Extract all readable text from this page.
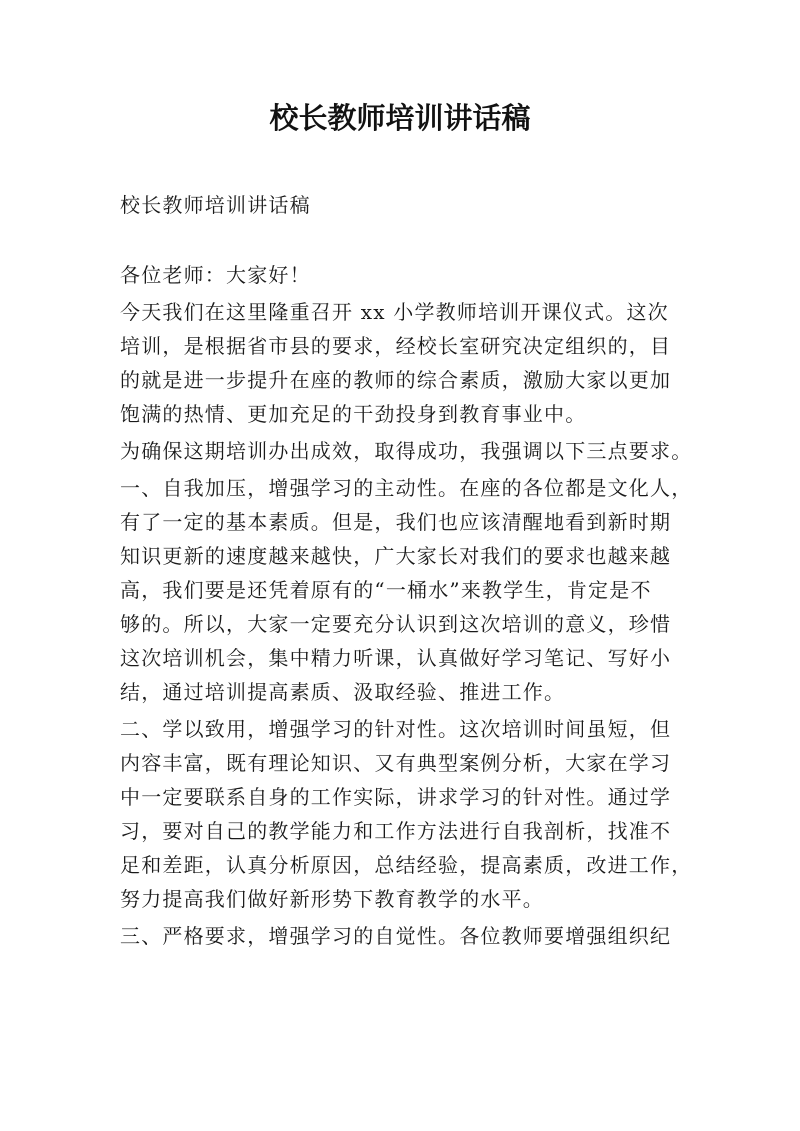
校长教师培训讲话稿
校长教师培训讲话稿
各位老师：大家好！
今天我们在这里隆重召开 xx 小学教师培训开课仪式。这次
培训，是根据省市县的要求，经校长室研究决定组织的，目
的就是进一步提升在座的教师的综合素质，激励大家以更加
饱满的热情、更加充足的干劲投身到教育事业中。
为确保这期培训办出成效，取得成功，我强调以下三点要求。
一、自我加压，增强学习的主动性。在座的各位都是文化人，
有了一定的基本素质。但是，我们也应该清醒地看到新时期
知识更新的速度越来越快，广大家长对我们的要求也越来越
高，我们要是还凭着原有的“一桶水”来教学生，肯定是不
够的。所以，大家一定要充分认识到这次培训的意义，珍惜
这次培训机会，集中精力听课，认真做好学习笔记、写好小
结，通过培训提高素质、汲取经验、推进工作。
二、学以致用，增强学习的针对性。这次培训时间虽短，但
内容丰富，既有理论知识、又有典型案例分析，大家在学习
中一定要联系自身的工作实际，讲求学习的针对性。通过学
习，要对自己的教学能力和工作方法进行自我剖析，找准不
足和差距，认真分析原因，总结经验，提高素质，改进工作，
努力提高我们做好新形势下教育教学的水平。
三、严格要求，增强学习的自觉性。各位教师要增强组织纪
